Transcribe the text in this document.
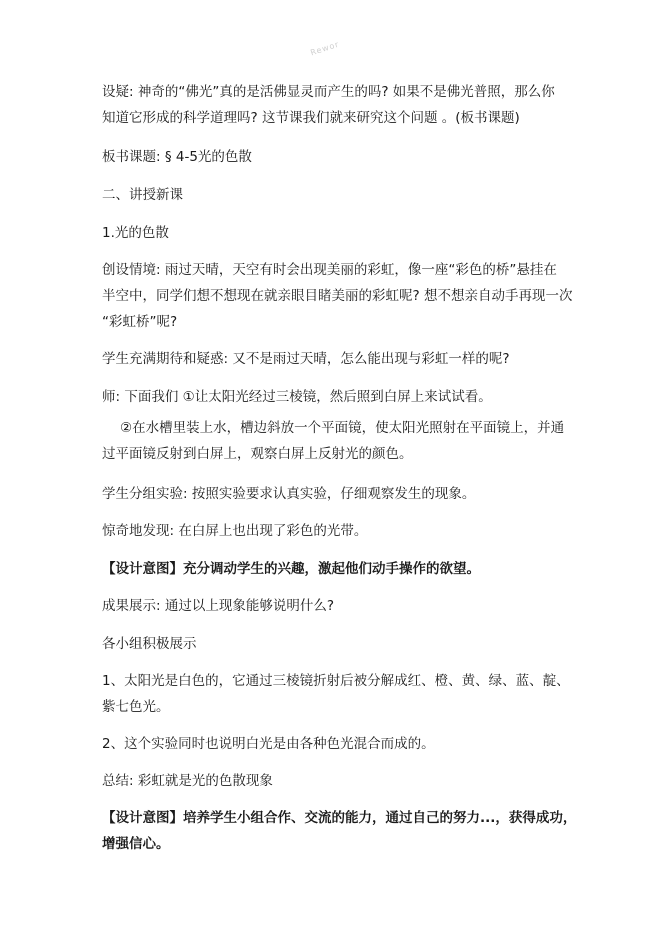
Rewor
设疑: 神奇的“佛光”真的是活佛显灵而产生的吗? 如果不是佛光普照，那么你
知道它形成的科学道理吗? 这节课我们就来研究这个问题 。(板书课题)
板书课题: § 4-5光的色散
二、讲授新课
1.光的色散
创设情境: 雨过天晴，天空有时会出现美丽的彩虹，像一座“彩色的桥”悬挂在
半空中，同学们想不想现在就亲眼目睹美丽的彩虹呢? 想不想亲自动手再现一次
“彩虹桥”呢?
学生充满期待和疑惑: 又不是雨过天晴，怎么能出现与彩虹一样的呢?
师: 下面我们 ①让太阳光经过三棱镜，然后照到白屏上来试试看。
②在水槽里装上水，槽边斜放一个平面镜，使太阳光照射在平面镜上，并通
过平面镜反射到白屏上，观察白屏上反射光的颜色。
学生分组实验: 按照实验要求认真实验，仔细观察发生的现象。
惊奇地发现: 在白屏上也出现了彩色的光带。
【设计意图】充分调动学生的兴趣，激起他们动手操作的欲望。
成果展示: 通过以上现象能够说明什么?
各小组积极展示
1、太阳光是白色的，它通过三棱镜折射后被分解成红、橙、黄、绿、蓝、靛、
紫七色光。
2、这个实验同时也说明白光是由各种色光混合而成的。
总结: 彩虹就是光的色散现象
【设计意图】培养学生小组合作、交流的能力，通过自己的努力...，获得成功，
增强信心。
